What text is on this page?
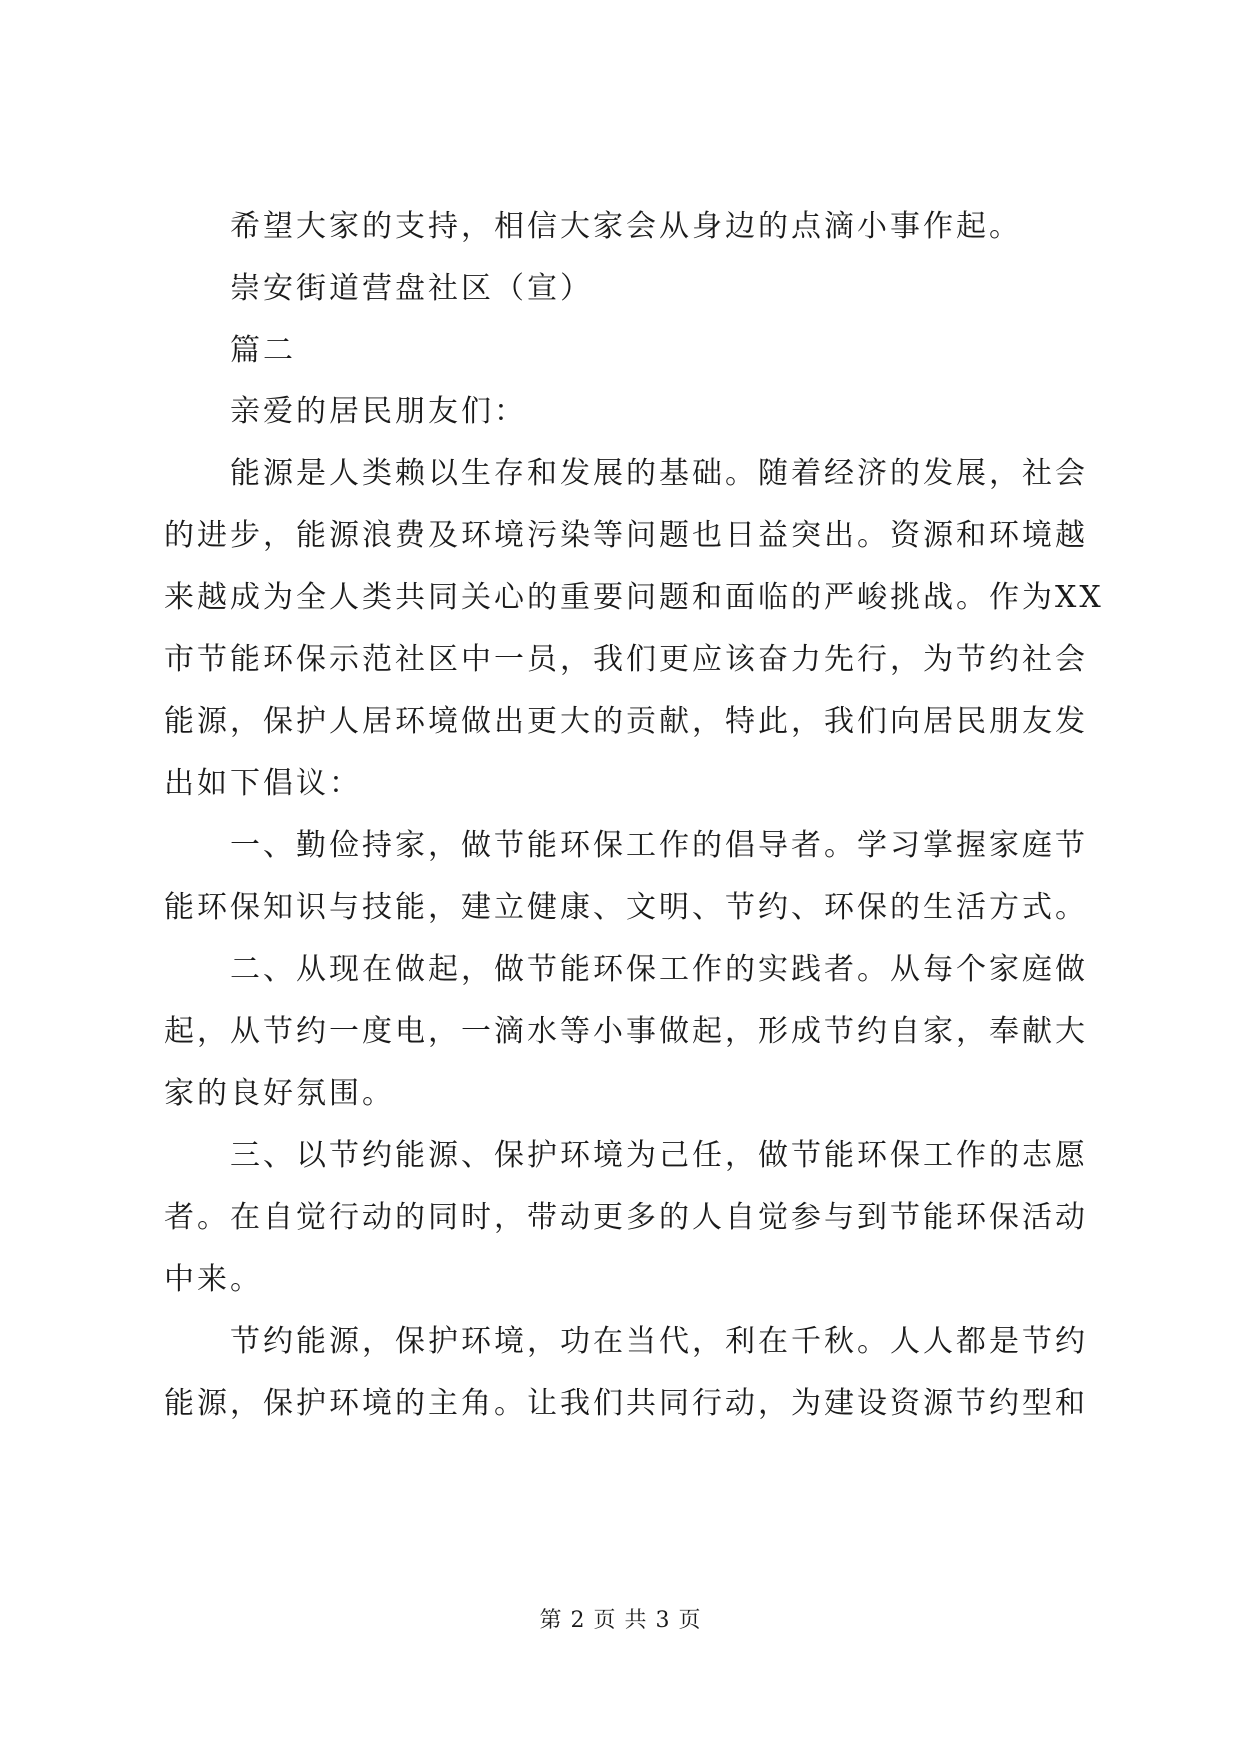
希望大家的支持，相信大家会从身边的点滴小事作起。
崇安街道营盘社区（宣）
篇二
亲爱的居民朋友们：
能源是人类赖以生存和发展的基础。随着经济的发展，社会
的进步，能源浪费及环境污染等问题也日益突出。资源和环境越
来越成为全人类共同关心的重要问题和面临的严峻挑战。作为XX
市节能环保示范社区中一员，我们更应该奋力先行，为节约社会
能源，保护人居环境做出更大的贡献，特此，我们向居民朋友发
出如下倡议：
一、勤俭持家，做节能环保工作的倡导者。学习掌握家庭节
能环保知识与技能，建立健康、文明、节约、环保的生活方式。
二、从现在做起，做节能环保工作的实践者。从每个家庭做
起，从节约一度电，一滴水等小事做起，形成节约自家，奉献大
家的良好氛围。
三、以节约能源、保护环境为己任，做节能环保工作的志愿
者。在自觉行动的同时，带动更多的人自觉参与到节能环保活动
中来。
节约能源，保护环境，功在当代，利在千秋。人人都是节约
能源，保护环境的主角。让我们共同行动，为建设资源节约型和
第 2 页 共 3 页
